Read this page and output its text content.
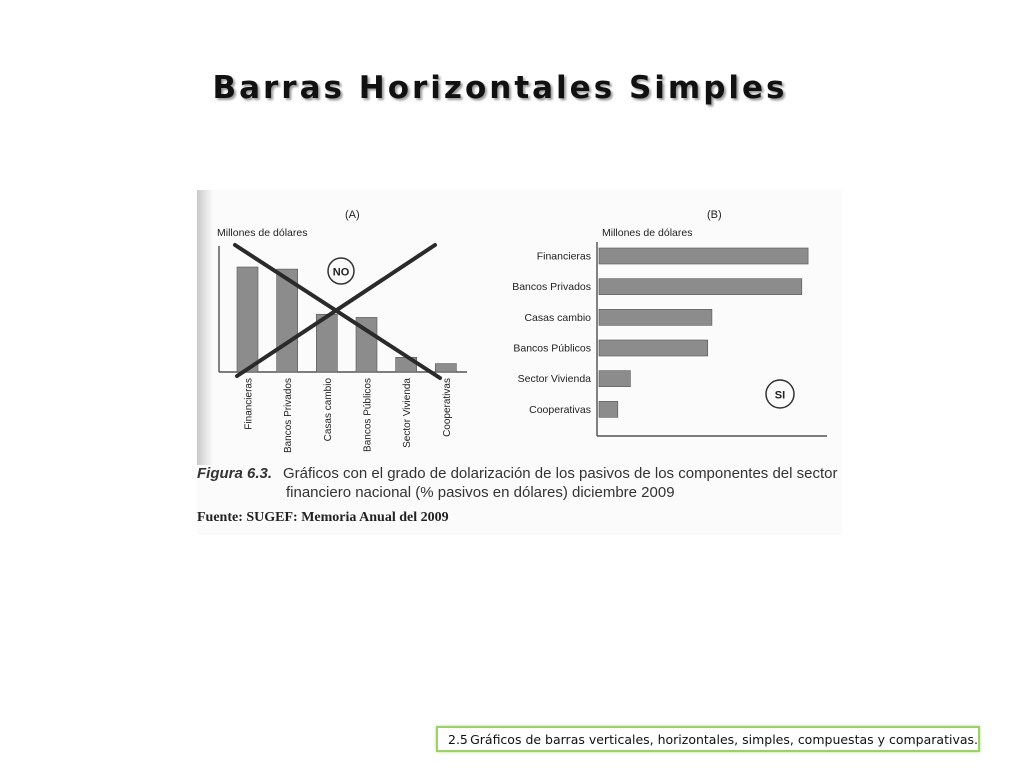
Barras Horizontales Simples
(A)
Millones de dólares
Financieras	Bancos Privados	Casas cambio	Bancos Públicos	Sector Vivienda	Cooperativas
NO
(B)
Millones de dólares
Financieras
Bancos Privados
Casas cambio
Bancos Públicos
Sector Vivienda
Cooperativas
SI
Figura 6.3. Gráficos con el grado de dolarización de los pasivos de los componentes del sector
financiero nacional (% pasivos en dólares) diciembre 2009
Fuente: SUGEF: Memoria Anual del 2009
2.5 Gráficos de barras verticales, horizontales, simples, compuestas y comparativas.
